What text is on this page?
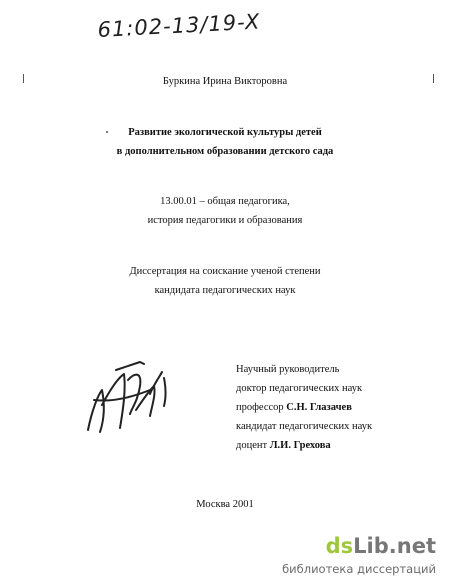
61:02-13/19-X
Буркина Ирина Викторовна
Развитие экологической культуры детей
в дополнительном образовании детского сада
13.00.01 – общая педагогика,
история педагогики и образования
Диссертация на соискание ученой степени
кандидата педагогических наук
Научный руководитель
доктор педагогических наук
профессор С.Н. Глазачев
кандидат педагогических наук
доцент Л.И. Грехова
Москва 2001
dsLib.net
библиотека диссертаций
